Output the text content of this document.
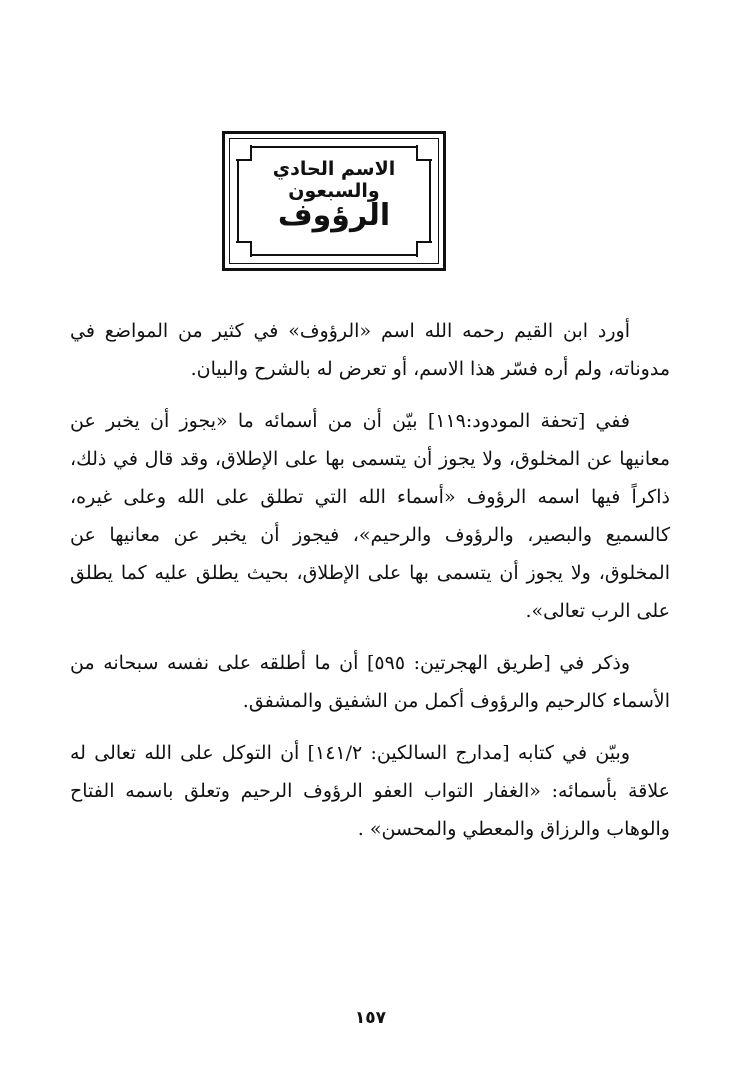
الاسم الحادي والسبعون
الرؤوف

أورد ابن القيم رحمه الله اسم «الرؤوف» في كثير من المواضع في مدوناته، ولم أره فسّر هذا الاسم، أو تعرض له بالشرح والبيان.

ففي [تحفة المودود:١١٩] بيّن أن من أسمائه ما «يجوز أن يخبر عن معانيها عن المخلوق، ولا يجوز أن يتسمى بها على الإطلاق، وقد قال في ذلك، ذاكراً فيها اسمه الرؤوف «أسماء الله التي تطلق على الله وعلى غيره، كالسميع والبصير، والرؤوف والرحيم»، فيجوز أن يخبر عن معانيها عن المخلوق، ولا يجوز أن يتسمى بها على الإطلاق، بحيث يطلق عليه كما يطلق على الرب تعالى».

وذكر في [طريق الهجرتين: ٥٩٥] أن ما أطلقه على نفسه سبحانه من الأسماء كالرحيم والرؤوف أكمل من الشفيق والمشفق.

وبيّن في كتابه [مدارج السالكين: ١٤١/٢] أن التوكل على الله تعالى له علاقة بأسمائه: «الغفار التواب العفو الرؤوف الرحيم وتعلق باسمه الفتاح والوهاب والرزاق والمعطي والمحسن» .

١٥٧
